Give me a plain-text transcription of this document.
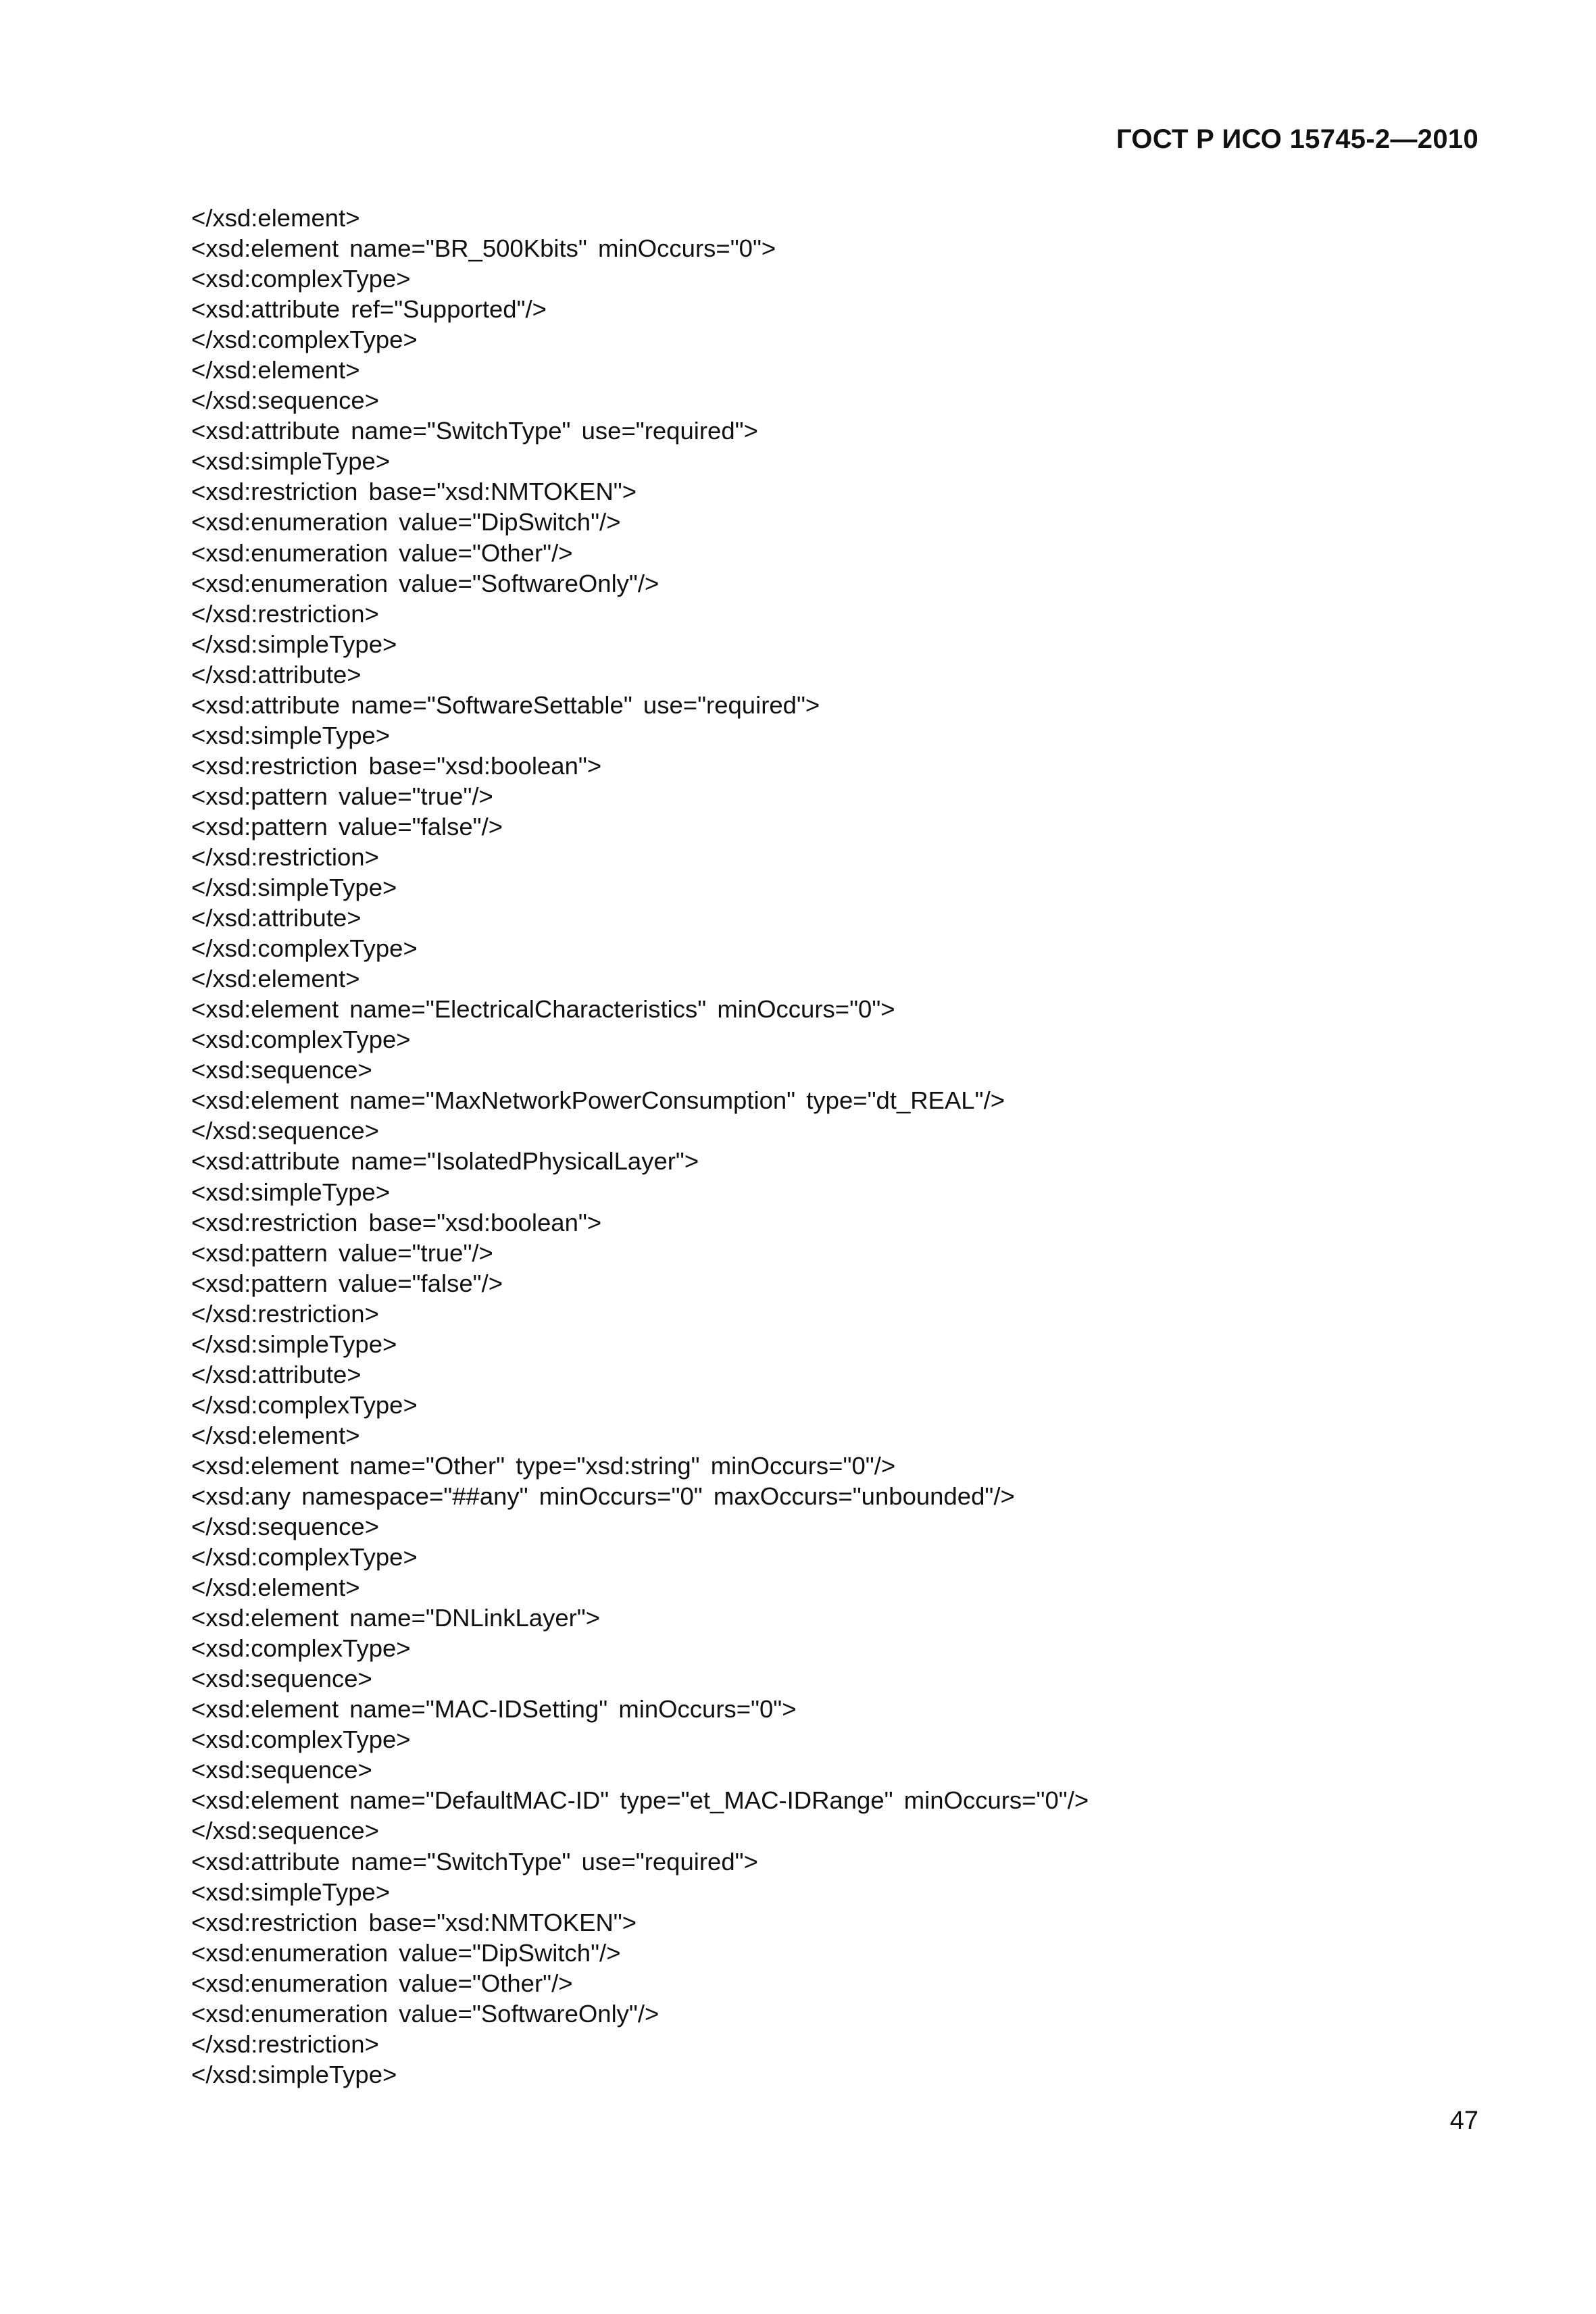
ГОСТ Р ИСО 15745-2—2010
</xsd:element>
<xsd:element name="BR_500Kbits" minOccurs="0">
<xsd:complexType>
<xsd:attribute ref="Supported"/>
</xsd:complexType>
</xsd:element>
</xsd:sequence>
<xsd:attribute name="SwitchType" use="required">
<xsd:simpleType>
<xsd:restriction base="xsd:NMTOKEN">
<xsd:enumeration value="DipSwitch"/>
<xsd:enumeration value="Other"/>
<xsd:enumeration value="SoftwareOnly"/>
</xsd:restriction>
</xsd:simpleType>
</xsd:attribute>
<xsd:attribute name="SoftwareSettable" use="required">
<xsd:simpleType>
<xsd:restriction base="xsd:boolean">
<xsd:pattern value="true"/>
<xsd:pattern value="false"/>
</xsd:restriction>
</xsd:simpleType>
</xsd:attribute>
</xsd:complexType>
</xsd:element>
<xsd:element name="ElectricalCharacteristics" minOccurs="0">
<xsd:complexType>
<xsd:sequence>
<xsd:element name="MaxNetworkPowerConsumption" type="dt_REAL"/>
</xsd:sequence>
<xsd:attribute name="IsolatedPhysicalLayer">
<xsd:simpleType>
<xsd:restriction base="xsd:boolean">
<xsd:pattern value="true"/>
<xsd:pattern value="false"/>
</xsd:restriction>
</xsd:simpleType>
</xsd:attribute>
</xsd:complexType>
</xsd:element>
<xsd:element name="Other" type="xsd:string" minOccurs="0"/>
<xsd:any namespace="##any" minOccurs="0" maxOccurs="unbounded"/>
</xsd:sequence>
</xsd:complexType>
</xsd:element>
<xsd:element name="DNLinkLayer">
<xsd:complexType>
<xsd:sequence>
<xsd:element name="MAC-IDSetting" minOccurs="0">
<xsd:complexType>
<xsd:sequence>
<xsd:element name="DefaultMAC-ID" type="et_MAC-IDRange" minOccurs="0"/>
</xsd:sequence>
<xsd:attribute name="SwitchType" use="required">
<xsd:simpleType>
<xsd:restriction base="xsd:NMTOKEN">
<xsd:enumeration value="DipSwitch"/>
<xsd:enumeration value="Other"/>
<xsd:enumeration value="SoftwareOnly"/>
</xsd:restriction>
</xsd:simpleType>
47
